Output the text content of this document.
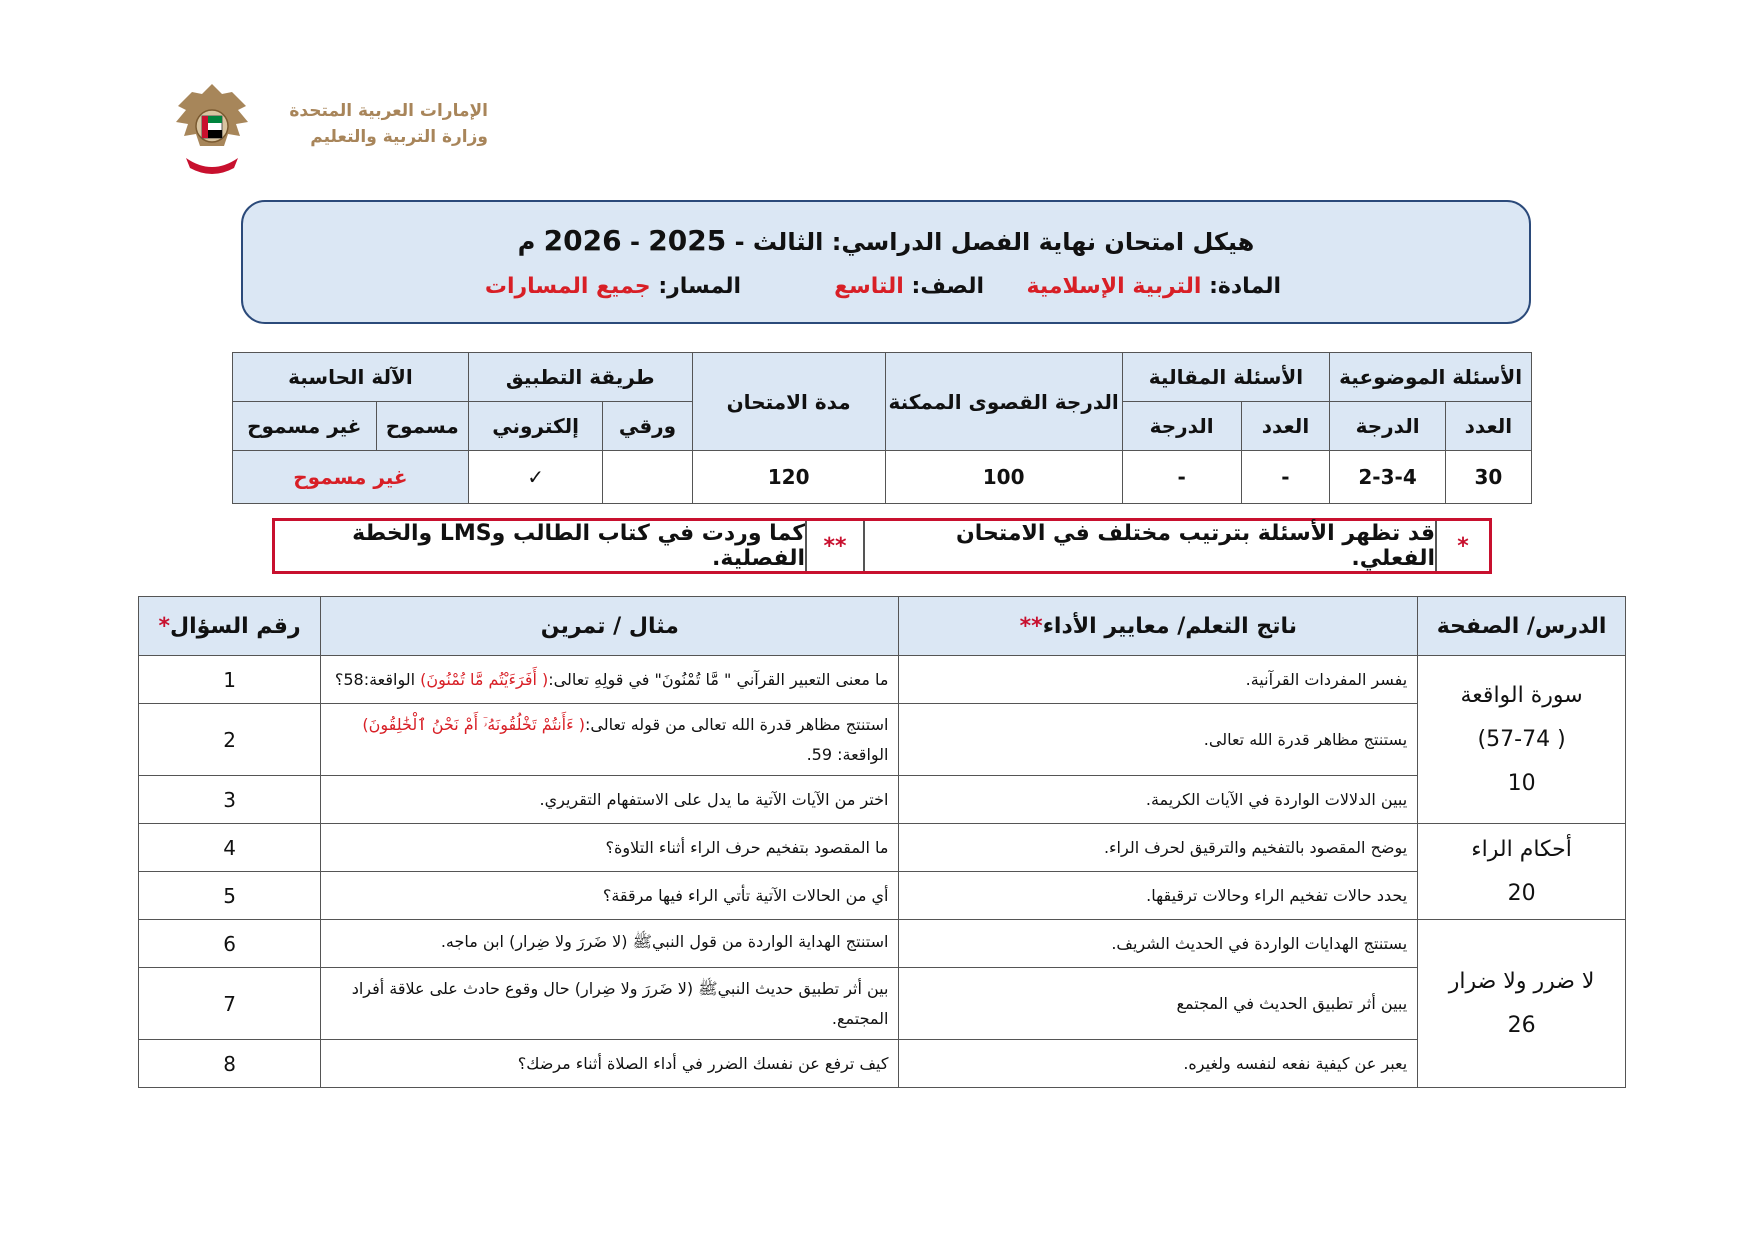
الإمارات العربية المتحدة
وزارة التربية والتعليم
هيكل امتحان نهاية الفصل الدراسي: الثالث - 2025 - 2026 م
المادة: التربية الإسلامية
الصف: التاسع
المسار: جميع المسارات
الأسئلة الموضوعية		الأسئلة المقالية		الدرجة القصوى الممكنة	مدة الامتحان	طريقة التطبيق		الآلة الحاسبة	
العدد	الدرجة	العدد	الدرجة			ورقي	إلكتروني	مسموح	غير مسموح
30	2-3-4	-	-	100	120		✓	غير مسموح	
*
قد تظهر الأسئلة بترتيب مختلف في الامتحان الفعلي.
**
كما وردت في كتاب الطالب وLMS والخطة الفصلية.
الدرس/ الصفحة	ناتج التعلم/ معايير الأداء**	مثال / تمرين	رقم السؤال*

سورة الواقعة
( 57-74)
10	يفسر المفردات القرآنية.	ما معنى التعبير القرآني " مَّا تُمْنُونَ" في قولِهِ تعالى:( أَفَرَءَيْتُم مَّا تُمْنُونَ) الواقعة:58؟	1
	يستنتج مظاهر قدرة الله تعالى.	استنتج مظاهر قدرة الله تعالى من قوله تعالى:( ءَأَنتُمْ تَخْلُقُونَهُۥٓ أَمْ نَحْنُ ٱلْخَٰلِقُونَ) الواقعة: 59.	2
	يبين الدلالات الواردة في الآيات الكريمة.	اختر من الآيات الآتية ما يدل على الاستفهام التقريري.	3

أحكام الراء
20	يوضح المقصود بالتفخيم والترقيق لحرف الراء.	ما المقصود بتفخيم حرف الراء أثناء التلاوة؟	4
	يحدد حالات تفخيم الراء وحالات ترقيقها.	أي من الحالات الآتية تأتي الراء فيها مرققة؟	5

لا ضرر ولا ضرار
26	يستنتج الهدايات الواردة في الحديث الشريف.	استنتج الهداية الواردة من قول النبيﷺ (لا ضَررَ ولا ضِرار) ابن ماجه.	6
	يبين أثر تطبيق الحديث في المجتمع	بين أثر تطبيق حديث النبيﷺ (لا ضَررَ ولا ضِرار) حال وقوع حادث على علاقة أفراد المجتمع.	7
	يعبر عن كيفية نفعه لنفسه ولغيره.	كيف ترفع عن نفسك الضرر في أداء الصلاة أثناء مرضك؟	8
